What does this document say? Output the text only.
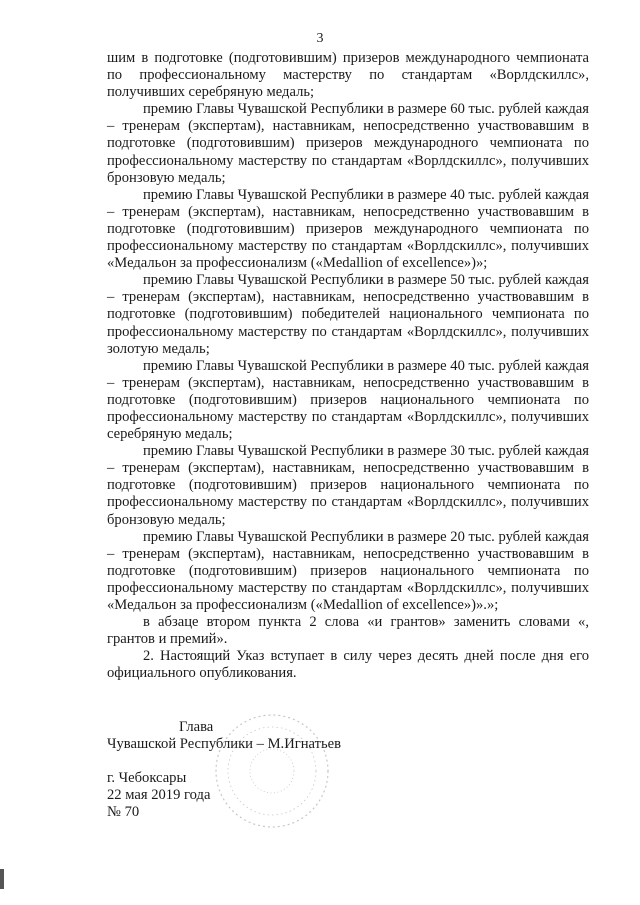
3

шим в подготовке (подготовившим) призеров международного чемпионата по профессиональному мастерству по стандартам «Ворлдскиллс», получивших серебряную медаль;

премию Главы Чувашской Республики в размере 60 тыс. рублей каждая – тренерам (экспертам), наставникам, непосредственно участвовавшим в подготовке (подготовившим) призеров международного чемпионата по профессиональному мастерству по стандартам «Ворлдскиллс», получивших бронзовую медаль;

премию Главы Чувашской Республики в размере 40 тыс. рублей каждая – тренерам (экспертам), наставникам, непосредственно участвовавшим в подготовке (подготовившим) призеров международного чемпионата по профессиональному мастерству по стандартам «Ворлдскиллс», получивших «Медальон за профессионализм («Medallion of excellence»)»;

премию Главы Чувашской Республики в размере 50 тыс. рублей каждая – тренерам (экспертам), наставникам, непосредственно участвовавшим в подготовке (подготовившим) победителей национального чемпионата по профессиональному мастерству по стандартам «Ворлдскиллс», получивших золотую медаль;

премию Главы Чувашской Республики в размере 40 тыс. рублей каждая – тренерам (экспертам), наставникам, непосредственно участвовавшим в подготовке (подготовившим) призеров национального чемпионата по профессиональному мастерству по стандартам «Ворлдскиллс», получивших серебряную медаль;

премию Главы Чувашской Республики в размере 30 тыс. рублей каждая – тренерам (экспертам), наставникам, непосредственно участвовавшим в подготовке (подготовившим) призеров национального чемпионата по профессиональному мастерству по стандартам «Ворлдскиллс», получивших бронзовую медаль;

премию Главы Чувашской Республики в размере 20 тыс. рублей каждая – тренерам (экспертам), наставникам, непосредственно участвовавшим в подготовке (подготовившим) призеров национального чемпионата по профессиональному мастерству по стандартам «Ворлдскиллс», получивших «Медальон за профессионализм («Medallion of excellence»)».»;

в абзаце втором пункта 2 слова «и грантов» заменить словами «, грантов и премий».

2. Настоящий Указ вступает в силу через десять дней после дня его официального опубликования.

Глава
Чувашской Республики – М.Игнатьев
г. Чебоксары
22 мая 2019 года
№ 70
